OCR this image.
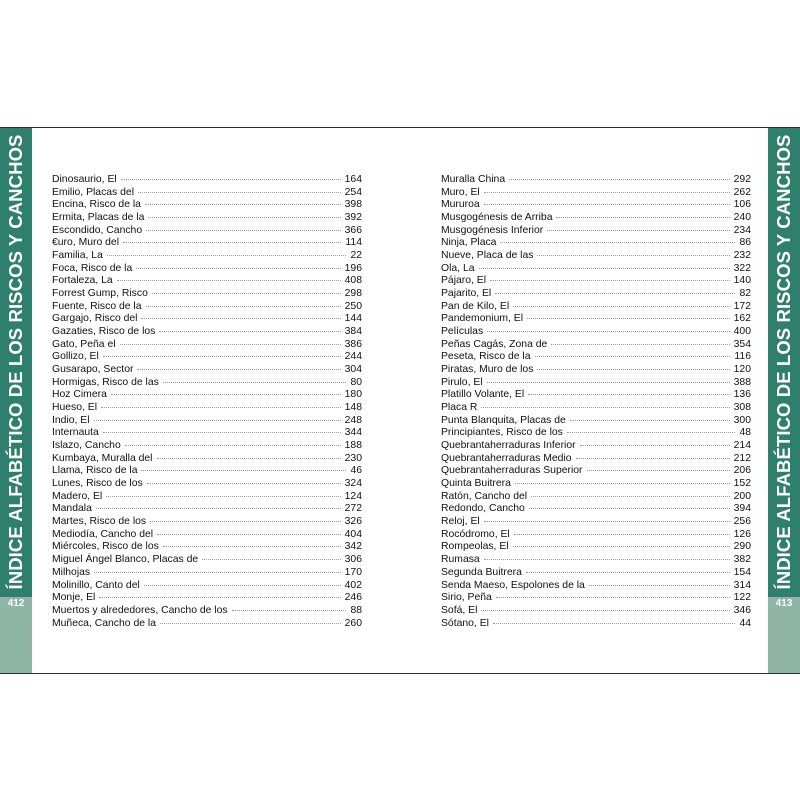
ÍNDICE ALFABÉTICO DE LOS RISCOS Y CANCHOS
412
ÍNDICE ALFABÉTICO DE LOS RISCOS Y CANCHOS
413
Dinosaurio, El	164
Emilio, Placas del	254
Encina, Risco de la	398
Ermita, Placas de la	392
Escondido, Cancho	366
€uro, Muro del	114
Familia, La	22
Foca, Risco de la	196
Fortaleza, La	408
Forrest Gump, Risco	298
Fuente, Risco de la	250
Gargajo, Risco del	144
Gazaties, Risco de los	384
Gato, Peña el	386
Gollizo, El	244
Gusarapo, Sector	304
Hormigas, Risco de las	80
Hoz Cimera	180
Hueso, El	148
Indio, El	248
Internauta	344
Islazo, Cancho	188
Kumbaya, Muralla del	230
Llama, Risco de la	46
Lunes, Risco de los	324
Madero, El	124
Mandala	272
Martes, Risco de los	326
Mediodía, Cancho del	404
Miércoles, Risco de los	342
Miguel Ángel Blanco, Placas de	306
Milhojas	170
Molinillo, Canto del	402
Monje, El	246
Muertos y alrededores, Cancho de los	88
Muñeca, Cancho de la	260
Muralla China	292
Muro, El	262
Mururoa	106
Musgogénesis de Arriba	240
Musgogénesis Inferior	234
Ninja, Placa	86
Nueve, Placa de las	232
Ola, La	322
Pájaro, El	140
Pajarito, El	82
Pan de Kilo, El	172
Pandemonium, El	162
Películas	400
Peñas Cagás, Zona de	354
Peseta, Risco de la	116
Piratas, Muro de los	120
Pirulo, El	388
Platillo Volante, El	136
Placa R	308
Punta Blanquita, Placas de	300
Principiantes, Risco de los	48
Quebrantaherraduras Inferior	214
Quebrantaherraduras Medio	212
Quebrantaherraduras Superior	206
Quinta Buitrera	152
Ratón, Cancho del	200
Redondo, Cancho	394
Reloj, El	256
Rocódromo, El	126
Rompeolas, El	290
Rumasa	382
Segunda Buitrera	154
Senda Maeso, Espolones de la	314
Sirio, Peña	122
Sofá, El	346
Sótano, El	44
